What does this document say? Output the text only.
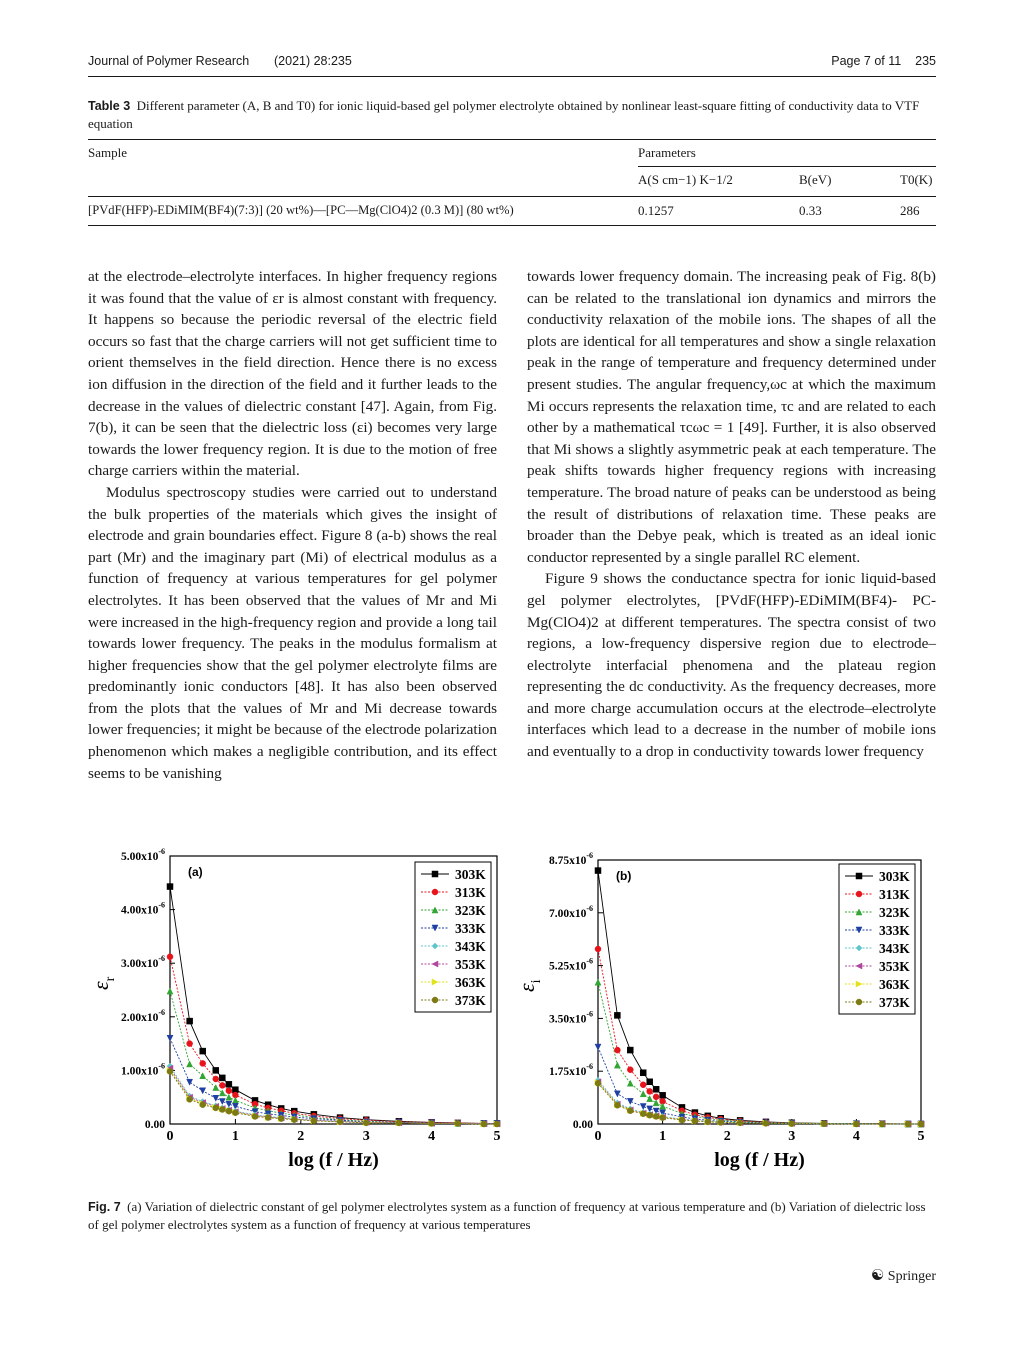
Journal of Polymer Research (2021) 28:235	Page 7 of 11 235
Table 3 Different parameter (A, B and T0) for ionic liquid-based gel polymer electrolyte obtained by nonlinear least-square fitting of conductivity data to VTF equation
Sample	Parameters
A(S cm−1) K−1/2	B(eV)	T0(K)
[PVdF(HFP)-EDiMIM(BF4)(7:3)] (20 wt%)—[PC—Mg(ClO4)2 (0.3 M)] (80 wt%)	0.1257	0.33	286

at the electrode–electrolyte interfaces. In higher frequency regions it was found that the value of εr is almost constant with frequency. It happens so because the periodic reversal of the electric field occurs so fast that the charge carriers will not get sufficient time to orient themselves in the field direction. Hence there is no excess ion diffusion in the direction of the field and it further leads to the decrease in the values of dielectric constant [47]. Again, from Fig. 7(b), it can be seen that the dielectric loss (εi) becomes very large towards the lower frequency region. It is due to the motion of free charge carriers within the material.

Modulus spectroscopy studies were carried out to understand the bulk properties of the materials which gives the insight of electrode and grain boundaries effect. Figure 8 (a-b) shows the real part (Mr) and the imaginary part (Mi) of electrical modulus as a function of frequency at various temperatures for gel polymer electrolytes. It has been observed that the values of Mr and Mi were increased in the high-frequency region and provide a long tail towards lower frequency. The peaks in the modulus formalism at higher frequencies show that the gel polymer electrolyte films are predominantly ionic conductors [48]. It has also been observed from the plots that the values of Mr and Mi decrease towards lower frequencies; it might be because of the electrode polarization phenomenon which makes a negligible contribution, and its effect seems to be vanishing

towards lower frequency domain. The increasing peak of Fig. 8(b) can be related to the translational ion dynamics and mirrors the conductivity relaxation of the mobile ions. The shapes of all the plots are identical for all temperatures and show a single relaxation peak in the range of temperature and frequency determined under present studies. The angular frequency,ωc at which the maximum Mi occurs represents the relaxation time, τc and are related to each other by a mathematical τcωc = 1 [49]. Further, it is also observed that Mi shows a slightly asymmetric peak at each temperature. The peak shifts towards higher frequency regions with increasing temperature. The broad nature of peaks can be understood as being the result of distributions of relaxation time. These peaks are broader than the Debye peak, which is treated as an ideal ionic conductor represented by a single parallel RC element.

Figure 9 shows the conductance spectra for ionic liquid-based gel polymer electrolytes, [PVdF(HFP)-EDiMIM(BF4)- PC-Mg(ClO4)2 at different temperatures. The spectra consist of two regions, a low-frequency dispersive region due to electrode–electrolyte interfacial phenomena and the plateau region representing the dc conductivity. As the frequency decreases, more and more charge accumulation occurs at the electrode–electrolyte interfaces which lead to a decrease in the number of mobile ions and eventually to a drop in conductivity towards lower frequency

0	1	2	3	4	5
0.00
$1.00x10^{-6}$
$2.00x10^{-6}$
$3.00x10^{-6}$
$4.00x10^{-6}$
$5.00x10^{-6}$
log (f / Hz)
$\varepsilon_r$
(a)	303K
313K
323K
333K
343K
353K
363K
373K
0	1	2	3	4	5
0.00
$1.75x10^{-6}$
$3.50x10^{-6}$
$5.25x10^{-6}$
$7.00x10^{-6}$
$8.75x10^{-6}$
log (f / Hz)
$\varepsilon_i$
(b)	303K
313K
323K
333K
343K
353K
363K
373K
Fig. 7 (a) Variation of dielectric constant of gel polymer electrolytes system as a function of frequency at various temperature and (b) Variation of dielectric loss of gel polymer electrolytes system as a function of frequency at various temperatures
☯ Springer
